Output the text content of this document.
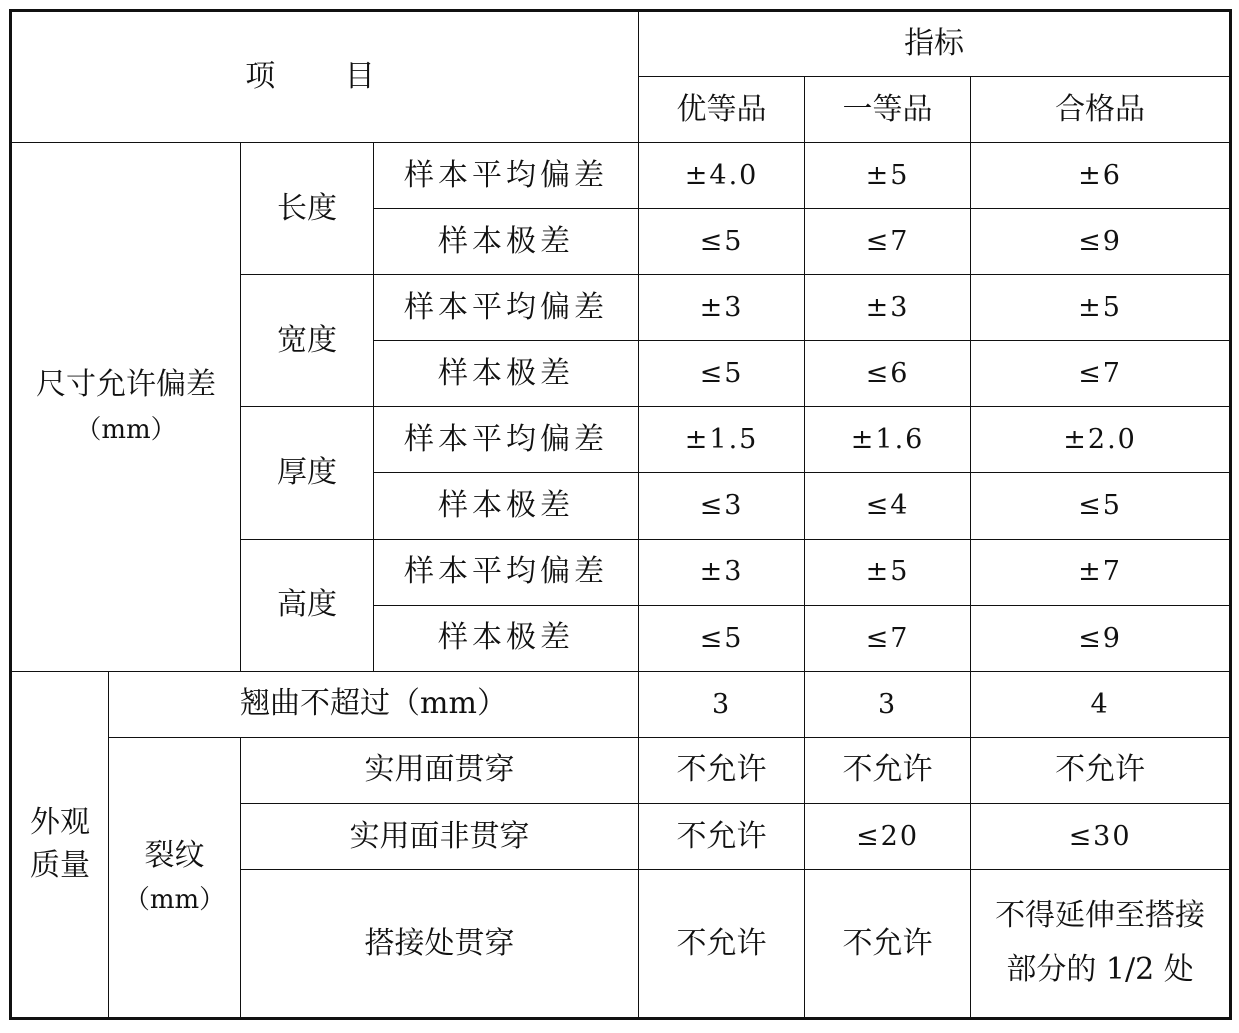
项 目				指标		
				优等品	一等品	合格品
尺寸允许偏差
（mm）		长度	样本平均偏差	±4.0	±5	±6
			样本极差	≤5	≤7	≤9
		宽度	样本平均偏差	±3	±3	±5
			样本极差	≤5	≤6	≤7
		厚度	样本平均偏差	±1.5	±1.6	±2.0
			样本极差	≤3	≤4	≤5
		高度	样本平均偏差	±3	±5	±7
			样本极差	≤5	≤7	≤9
外观
质量	翘曲不超过（mm）			3	3	4
	裂纹
（mm）	实用面贯穿		不允许	不允许	不允许
		实用面非贯穿		不允许	≤20	≤30
		搭接处贯穿		不允许	不允许	不得延伸至搭接部分的 1/2 处
